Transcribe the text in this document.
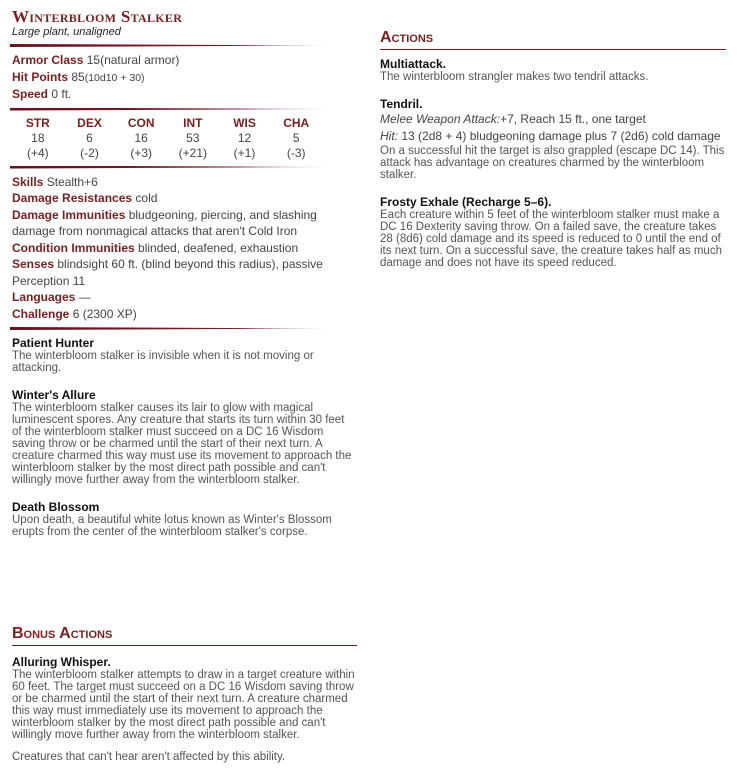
Winterbloom Stalker
Large plant, unaligned
Armor Class 15(natural armor)
Hit Points 85(10d10 + 30)
Speed 0 ft.
STR
18
(+4)
DEX
6
(-2)
CON
16
(+3)
INT
53
(+21)
WIS
12
(+1)
CHA
5
(-3)
Skills Stealth+6
Damage Resistances cold
Damage Immunities bludgeoning, piercing, and slashing damage from nonmagical attacks that aren't Cold Iron
Condition Immunities blinded, deafened, exhaustion
Senses blindsight 60 ft. (blind beyond this radius), passive Perception 11
Languages —
Challenge 6 (2300 XP)
Patient Hunter
The winterbloom stalker is invisible when it is not moving or attacking.
Winter's Allure
The winterbloom stalker causes its lair to glow with magical luminescent spores. Any creature that starts its turn within 30 feet of the winterbloom stalker must succeed on a DC 16 Wisdom saving throw or be charmed until the start of their next turn. A creature charmed this way must use its movement to approach the winterbloom stalker by the most direct path possible and can't willingly move further away from the winterbloom stalker.
Death Blossom
Upon death, a beautiful white lotus known as Winter's Blossom erupts from the center of the winterbloom stalker's corpse.
Bonus Actions
Alluring Whisper.
The winterbloom stalker attempts to draw in a target creature within 60 feet. The target must succeed on a DC 16 Wisdom saving throw or be charmed until the start of their next turn. A creature charmed this way must immediately use its movement to approach the winterbloom stalker by the most direct path possible and can't willingly move further away from the winterbloom stalker.
Creatures that can't hear aren't affected by this ability.
Actions
Multiattack.
The winterbloom strangler makes two tendril attacks.
Tendril.
Melee Weapon Attack:+7, Reach 15 ft., one target
Hit: 13 (2d8 + 4) bludgeoning damage plus 7 (2d6) cold damage
On a successful hit the target is also grappled (escape DC 14). This attack has advantage on creatures charmed by the winterbloom stalker.
Frosty Exhale (Recharge 5–6).
Each creature within 5 feet of the winterbloom stalker must make a DC 16 Dexterity saving throw. On a failed save, the creature takes 28 (8d6) cold damage and its speed is reduced to 0 until the end of its next turn. On a successful save, the creature takes half as much damage and does not have its speed reduced.
